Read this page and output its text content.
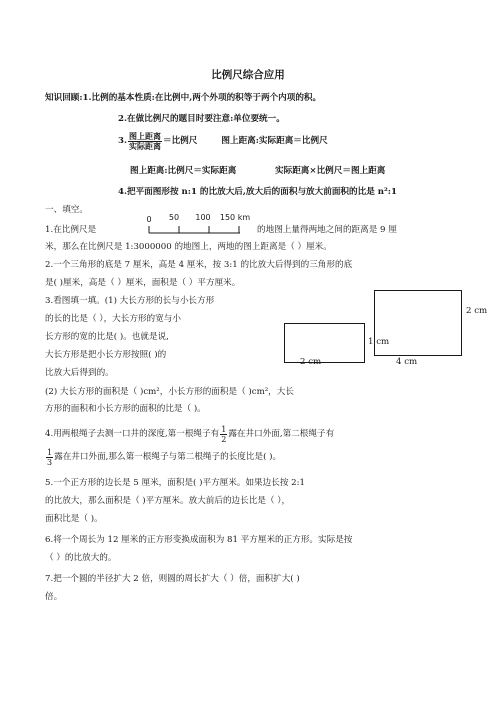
比例尺综合应用
知识回顾:1.比例的基本性质:在比例中,两个外项的积等于两个内项的积。
2.在做比例尺的题目时要注意:单位要统一。
3. $\frac{\text{图上距离}}{\text{实际距离}}$ ＝比例尺	图上距离:实际距离＝比例尺
图上距离:比例尺＝实际距离	实际距离×比例尺＝图上距离
4.把平面图形按 n:1 的比放大后,放大后的面积与放大前面积的比是 n²:1
一、填空。
0 50 100 150 km
1.在比例尺是	的地图上量得两地之间的距离是 9 厘
米，那么在比例尺是 1:3000000 的地图上，两地的图上距离是（ ）厘米。
2.一个三角形的底是 7 厘米，高是 4 厘米，按 3:1 的比放大后得到的三角形的底
是( )厘米，高是（ ）厘米，面积是（ ）平方厘米。
3.看图填一填。(1) 大长方形的长与小长方形
的长的比是（ ），大长方形的宽与小
长方形的宽的比是( )。也就是说,
大长方形是把小长方形按照( )的
比放大后得到的。
1 cm
2 cm
2 cm
4 cm
(2) 大长方形的面积是（ )cm²，小长方形的面积是（ )cm²，大长
方形的面积和小长方形的面积的比是（ )。
4.用两根绳子去测一口井的深度,第一根绳子有 $\frac{1}{2}$ 露在井口外面,第二根绳子有
$\frac{1}{3}$ 露在井口外面,那么第一根绳子与第二根绳子的长度比是( )。
5.一个正方形的边长是 5 厘米，面积是( )平方厘米。如果边长按 2:1
的比放大，那么面积是（ )平方厘米。放大前后的边长比是（ ），
面积比是（ )。
6.将一个周长为 12 厘米的正方形变换成面积为 81 平方厘米的正方形。实际是按
（ ）的比放大的。
7.把一个圆的半径扩大 2 倍，则圆的周长扩大（ ）倍，面积扩大( )
倍。
